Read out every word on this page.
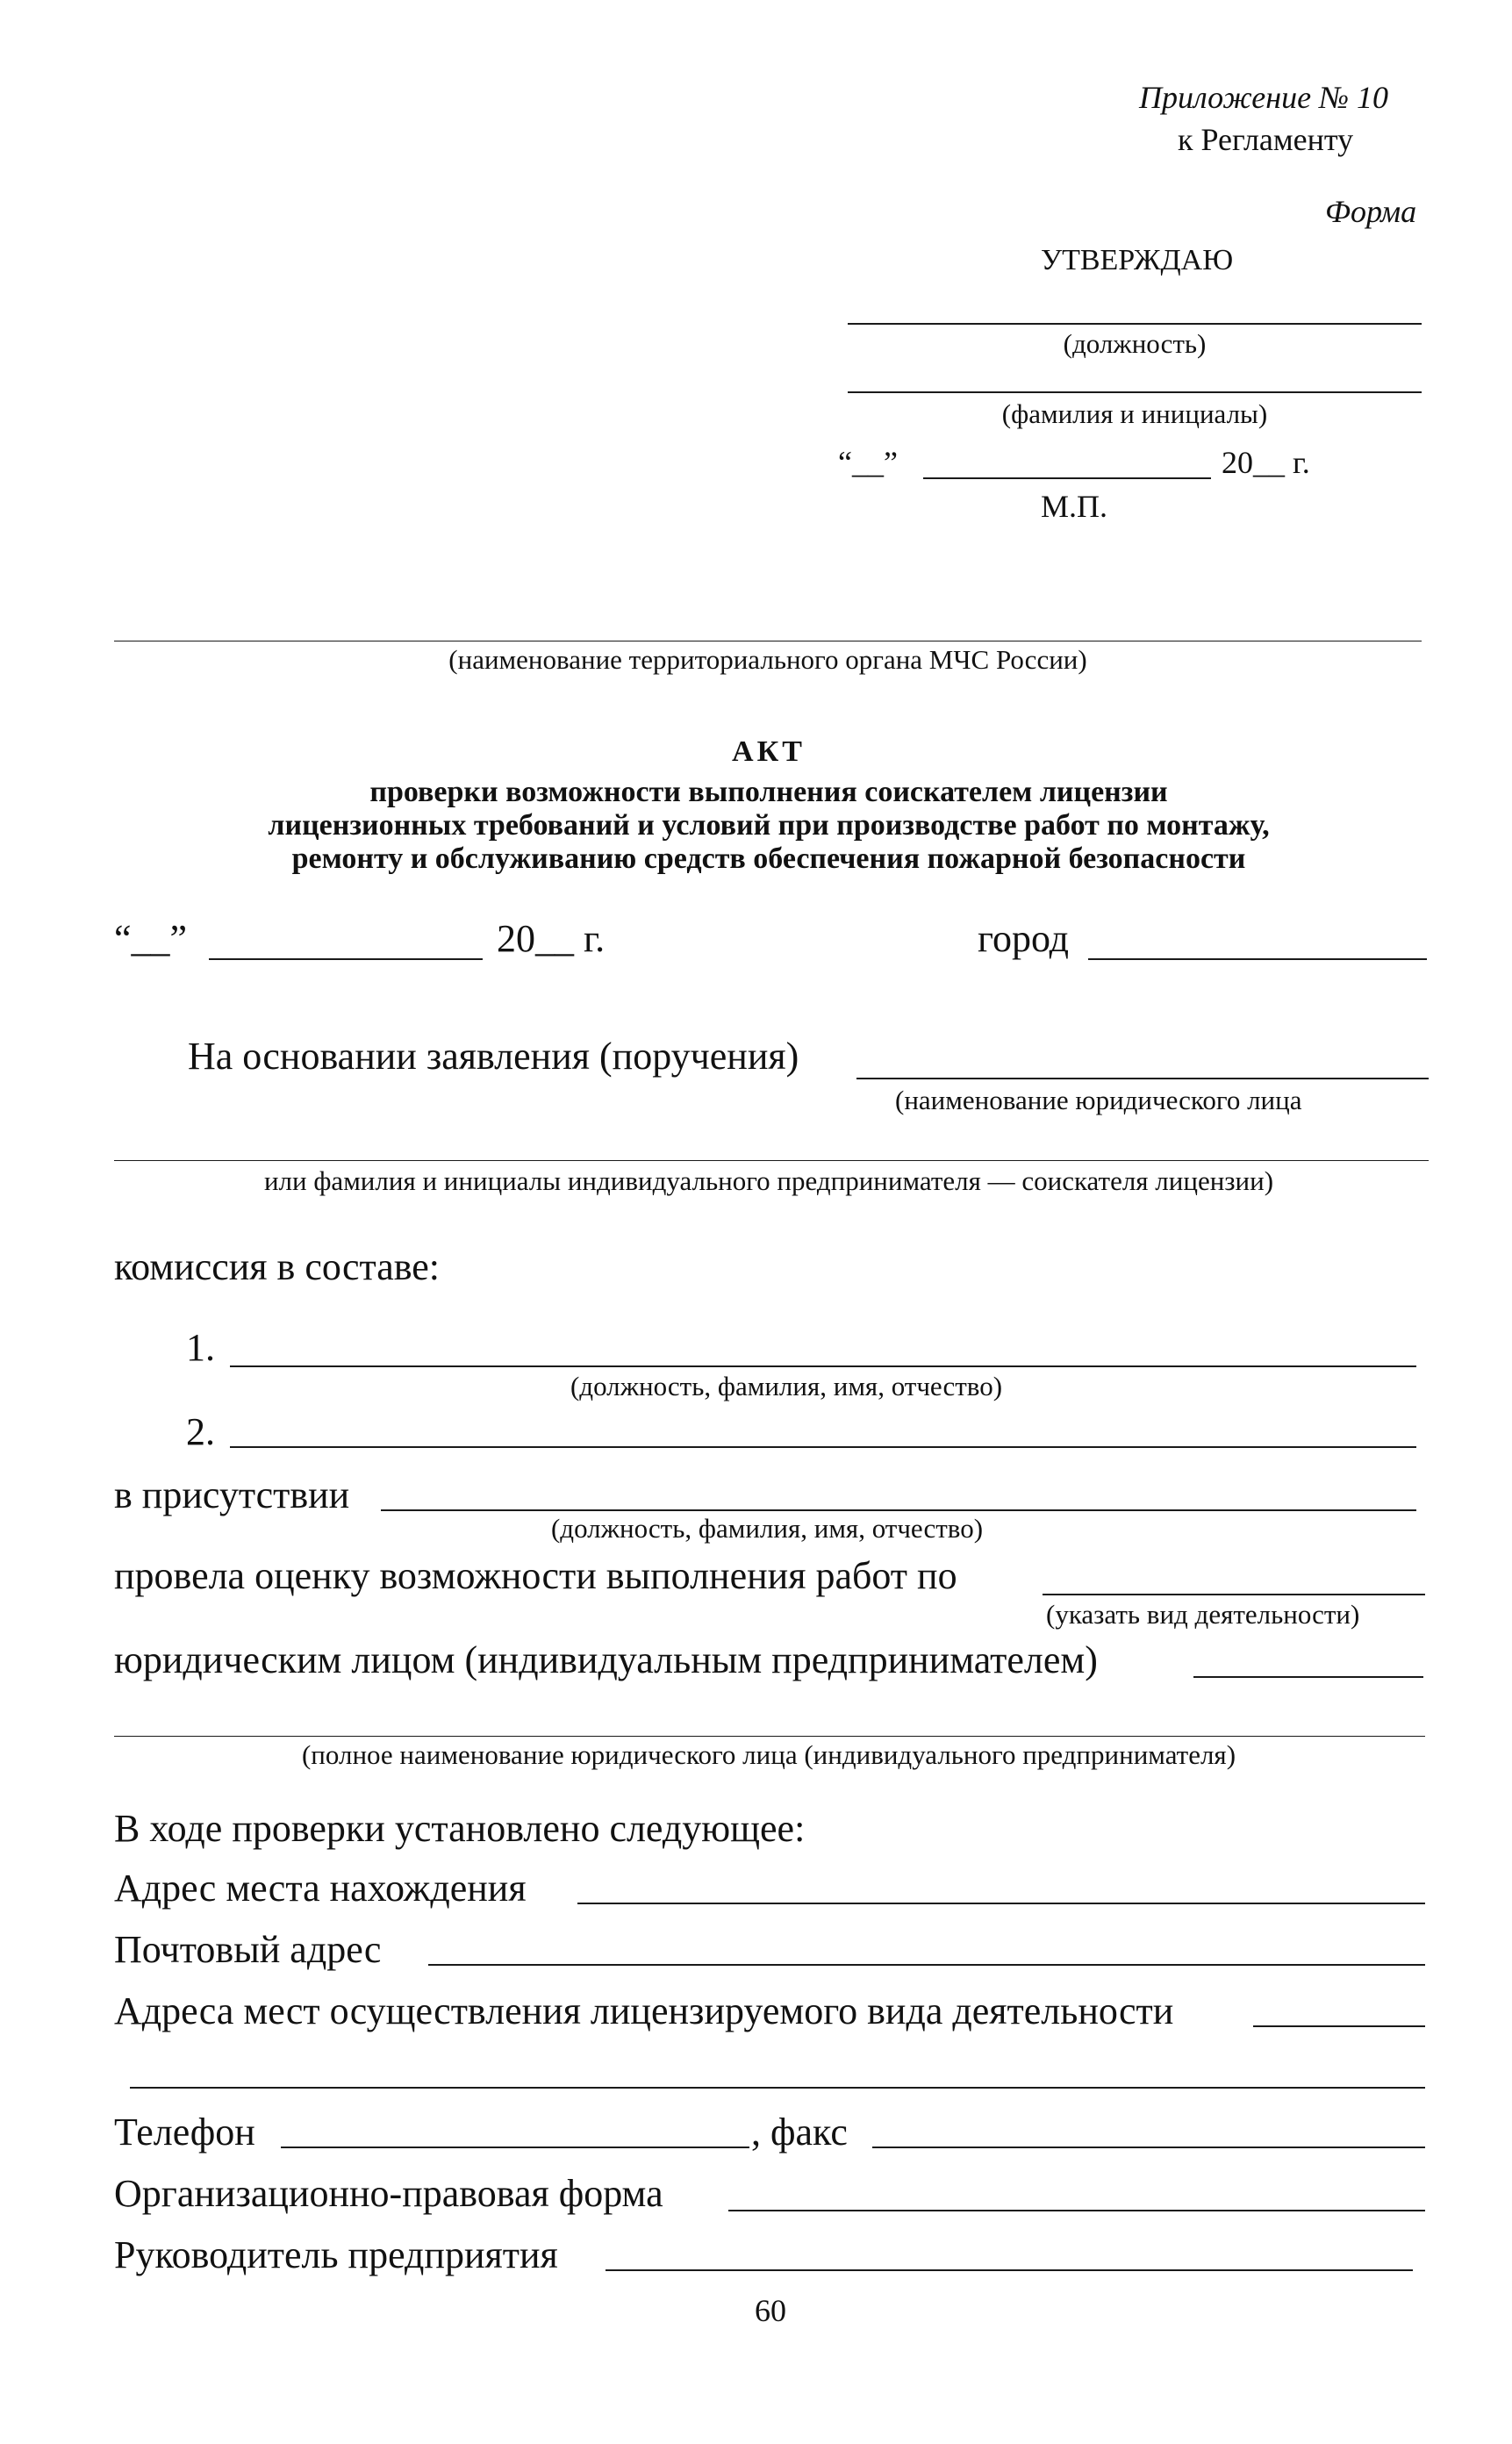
Приложение № 10
к Регламенту
Форма
УТВЕРЖДАЮ
(должность)
(фамилия и инициалы)
“__”	20__ г.
М.П.
(наименование территориального органа МЧС России)
АКТ
проверки возможности выполнения соискателем лицензии
лицензионных требований и условий при производстве работ по монтажу,
ремонту и обслуживанию средств обеспечения пожарной безопасности
“__”	20__ г.	город
На основании заявления (поручения)
(наименование юридического лица
или фамилия и инициалы индивидуального предпринимателя — соискателя лицензии)
комиссия в составе:
1.
(должность, фамилия, имя, отчество)
2.
в присутствии
(должность, фамилия, имя, отчество)
провела оценку возможности выполнения работ по
(указать вид деятельности)
юридическим лицом (индивидуальным предпринимателем)
(полное наименование юридического лица (индивидуального предпринимателя)
В ходе проверки установлено следующее:
Адрес места нахождения
Почтовый адрес
Адреса мест осуществления лицензируемого вида деятельности
Телефон	, факс
Организационно-правовая форма
Руководитель предприятия
60
